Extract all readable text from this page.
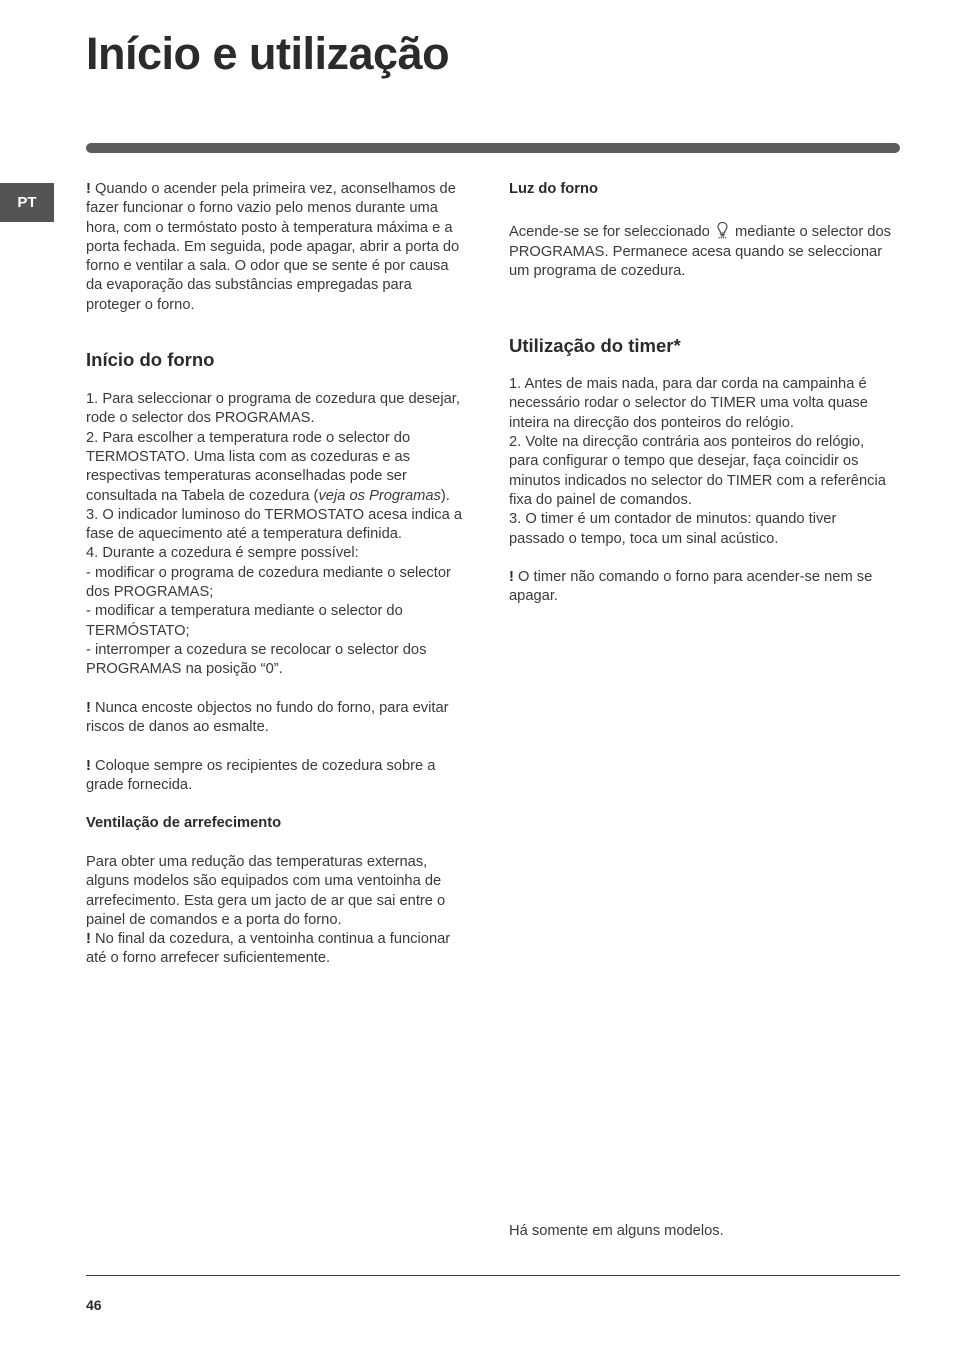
Início e utilização
PT

! Quando o acender pela primeira vez, aconselhamos de fazer funcionar o forno vazio pelo menos durante uma hora, com o termóstato posto à temperatura máxima e a porta fechada. Em seguida, pode apagar, abrir a porta do forno e ventilar a sala. O odor que se sente é por causa da evaporação das substâncias empregadas para proteger o forno.

Início do forno

1. Para seleccionar o programa de cozedura que desejar, rode o selector dos PROGRAMAS.

2. Para escolher a temperatura rode o selector do TERMOSTATO. Uma lista com as cozeduras e as respectivas temperaturas aconselhadas pode ser consultada na Tabela de cozedura (veja os Programas).

3. O indicador luminoso do TERMOSTATO acesa indica a fase de aquecimento até a temperatura definida.

4. Durante a cozedura é sempre possível:

- modificar o programa de cozedura mediante o selector dos PROGRAMAS;

- modificar a temperatura mediante o selector do TERMÓSTATO;

- interromper a cozedura se recolocar o selector dos PROGRAMAS na posição “0”.

! Nunca encoste objectos no fundo do forno, para evitar riscos de danos ao esmalte.

! Coloque sempre os recipientes de cozedura sobre a grade fornecida.

Ventilação de arrefecimento

Para obter uma redução das temperaturas externas, alguns modelos são equipados com uma ventoinha de arrefecimento. Esta gera um jacto de ar que sai entre o painel de comandos e a porta do forno.

! No final da cozedura, a ventoinha continua a funcionar até o forno arrefecer suficientemente.

Luz do forno

Acende-se se for seleccionado mediante o selector dos PROGRAMAS. Permanece acesa quando se seleccionar um programa de cozedura.

Utilização do timer*

1. Antes de mais nada, para dar corda na campainha é necessário rodar o selector do TIMER uma volta quase inteira na direcção dos ponteiros do relógio.

2. Volte na direcção contrária aos ponteiros do relógio, para configurar o tempo que desejar, faça coincidir os minutos indicados no selector do TIMER com a referência fixa do painel de comandos.

3. O timer é um contador de minutos: quando tiver passado o tempo, toca um sinal acústico.

! O timer não comando o forno para acender-se nem se apagar.

Há somente em alguns modelos.

46
